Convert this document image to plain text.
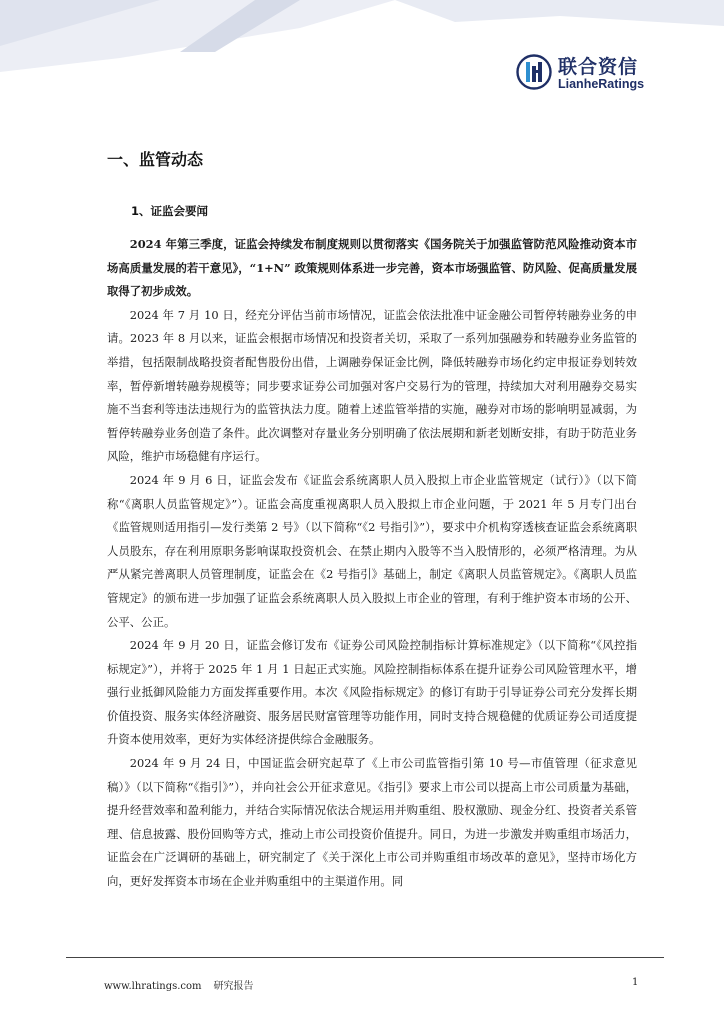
联合资信
LianheRatings
一、监管动态
1、证监会要闻

2024 年第三季度，证监会持续发布制度规则以贯彻落实《国务院关于加强监管防范风险推动资本市场高质量发展的若干意见》，“1+N” 政策规则体系进一步完善，资本市场强监管、防风险、促高质量发展取得了初步成效。

2024 年 7 月 10 日，经充分评估当前市场情况，证监会依法批准中证金融公司暂停转融券业务的申请。2023 年 8 月以来，证监会根据市场情况和投资者关切，采取了一系列加强融券和转融券业务监管的举措，包括限制战略投资者配售股份出借，上调融券保证金比例，降低转融券市场化约定申报证券划转效率，暂停新增转融券规模等；同步要求证券公司加强对客户交易行为的管理，持续加大对利用融券交易实施不当套利等违法违规行为的监管执法力度。随着上述监管举措的实施，融券对市场的影响明显减弱，为暂停转融券业务创造了条件。此次调整对存量业务分别明确了依法展期和新老划断安排，有助于防范业务风险，维护市场稳健有序运行。

2024 年 9 月 6 日，证监会发布《证监会系统离职人员入股拟上市企业监管规定（试行）》（以下简称“《离职人员监管规定》”）。证监会高度重视离职人员入股拟上市企业问题，于 2021 年 5 月专门出台《监管规则适用指引—发行类第 2 号》（以下简称“《2 号指引》”），要求中介机构穿透核查证监会系统离职人员股东，存在利用原职务影响谋取投资机会、在禁止期内入股等不当入股情形的，必须严格清理。为从严从紧完善离职人员管理制度，证监会在《2 号指引》基础上，制定《离职人员监管规定》。《离职人员监管规定》的颁布进一步加强了证监会系统离职人员入股拟上市企业的管理，有利于维护资本市场的公开、公平、公正。

2024 年 9 月 20 日，证监会修订发布《证券公司风险控制指标计算标准规定》（以下简称“《风控指标规定》”），并将于 2025 年 1 月 1 日起正式实施。风险控制指标体系在提升证券公司风险管理水平，增强行业抵御风险能力方面发挥重要作用。本次《风险指标规定》的修订有助于引导证券公司充分发挥长期价值投资、服务实体经济融资、服务居民财富管理等功能作用，同时支持合规稳健的优质证券公司适度提升资本使用效率，更好为实体经济提供综合金融服务。

2024 年 9 月 24 日，中国证监会研究起草了《上市公司监管指引第 10 号—市值管理（征求意见稿）》（以下简称“《指引》”），并向社会公开征求意见。《指引》要求上市公司以提高上市公司质量为基础，提升经营效率和盈利能力，并结合实际情况依法合规运用并购重组、股权激励、现金分红、投资者关系管理、信息披露、股份回购等方式，推动上市公司投资价值提升。同日，为进一步激发并购重组市场活力，证监会在广泛调研的基础上，研究制定了《关于深化上市公司并购重组市场改革的意见》，坚持市场化方向，更好发挥资本市场在企业并购重组中的主渠道作用。同

www.lhratings.com 研究报告	1
